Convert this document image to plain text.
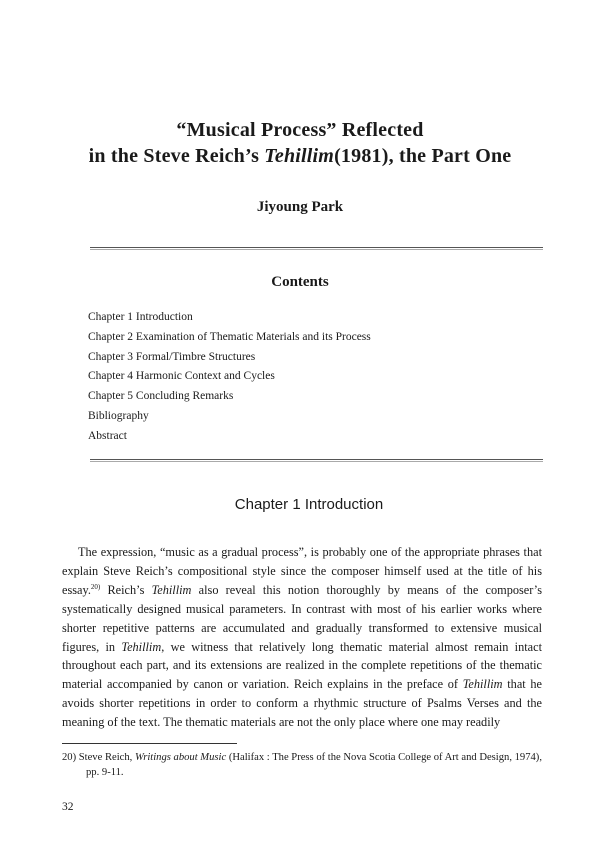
“Musical Process” Reflected
in the Steve Reich’s Tehillim(1981), the Part One
Jiyoung Park
Contents
Chapter 1 Introduction
Chapter 2 Examination of Thematic Materials and its Process
Chapter 3 Formal/Timbre Structures
Chapter 4 Harmonic Context and Cycles
Chapter 5 Concluding Remarks
Bibliography
Abstract
Chapter 1 Introduction

The expression, “music as a gradual process”, is probably one of the appropriate phrases that explain Steve Reich’s compositional style since the composer himself used at the title of his essay.$^{20)}$ Reich’s Tehillim also reveal this notion thoroughly by means of the composer’s systematically designed musical parameters. In contrast with most of his earlier works where shorter repetitive patterns are accumulated and gradually transformed to extensive musical figures, in Tehillim, we witness that relatively long thematic material almost remain intact throughout each part, and its extensions are realized in the complete repetitions of the thematic material accompanied by canon or variation. Reich explains in the preface of Tehillim that he avoids shorter repetitions in order to conform a rhythmic structure of Psalms Verses and the meaning of the text. The thematic materials are not the only place where one may readily

20) Steve Reich, Writings about Music (Halifax : The Press of the Nova Scotia College of Art and Design, 1974),
pp. 9-11.

32
